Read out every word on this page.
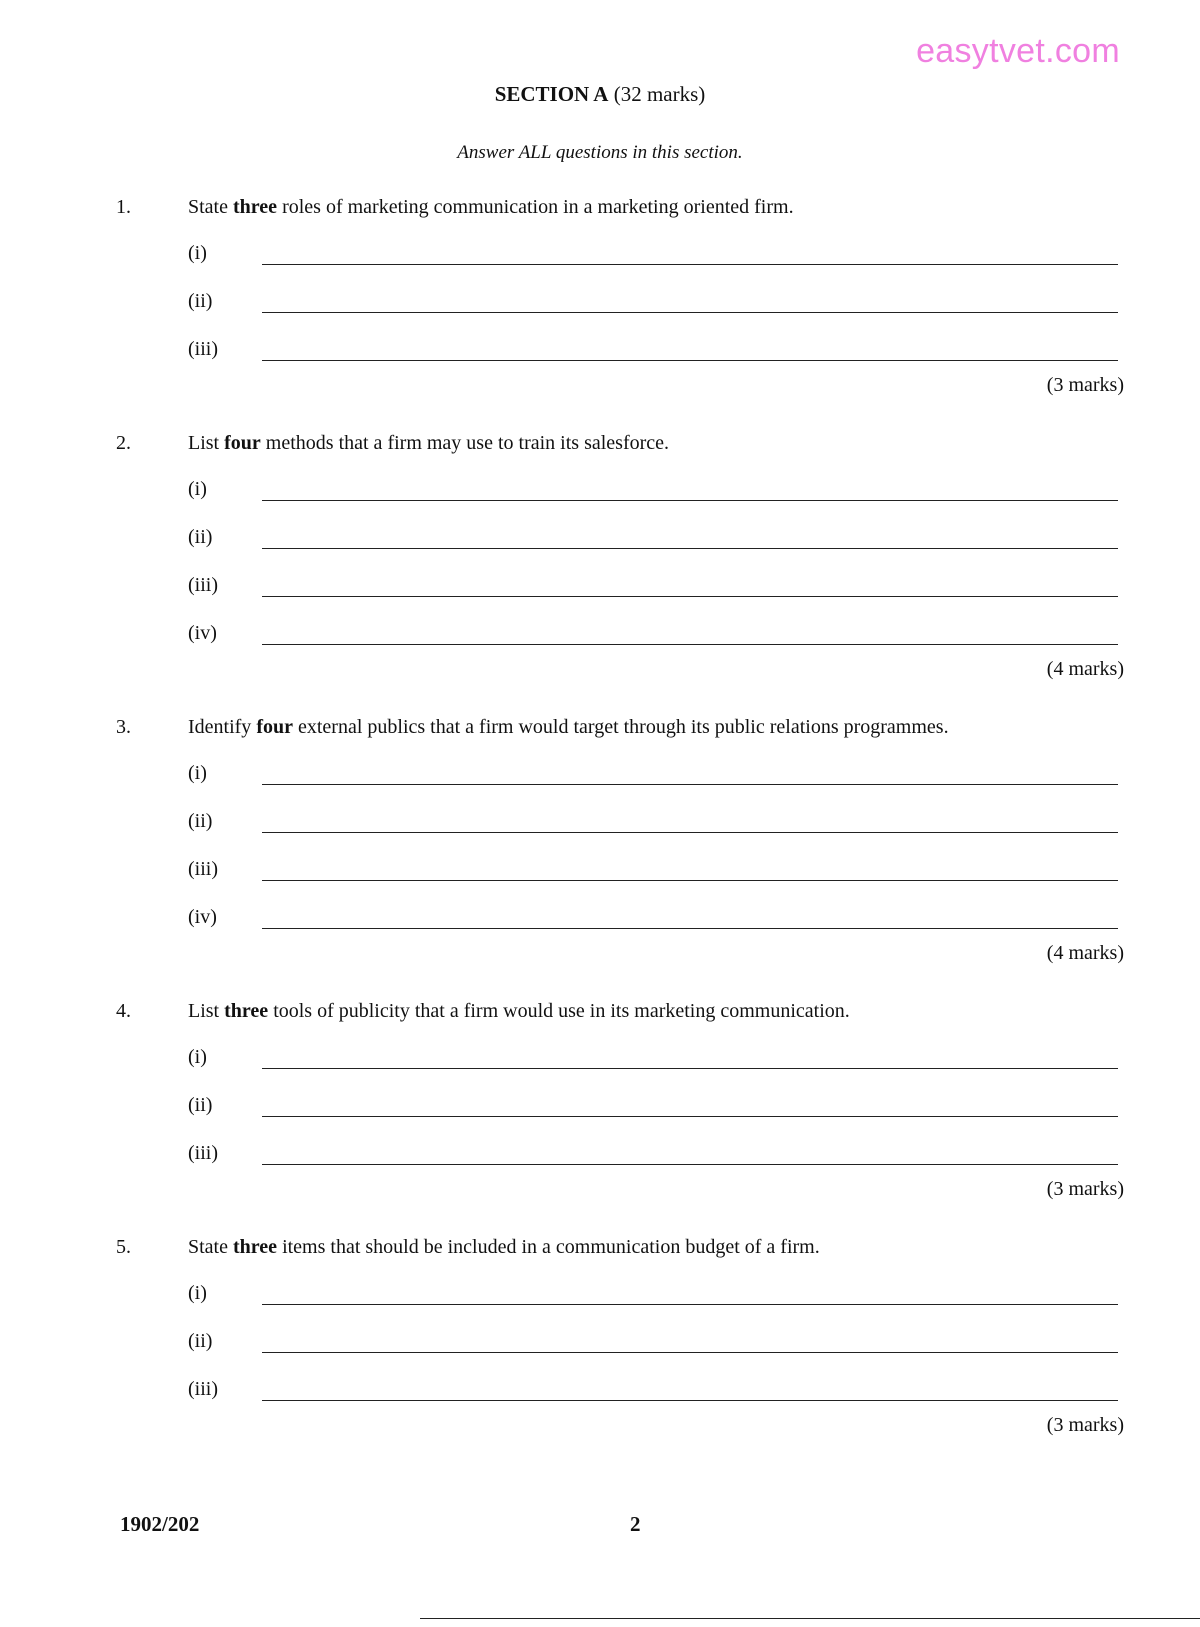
easytvet.com
SECTION A (32 marks)
Answer ALL questions in this section.
1.	State three roles of marketing communication in a marketing oriented firm.
(i)
(ii)
(iii)
(3 marks)
2.	List four methods that a firm may use to train its salesforce.
(i)
(ii)
(iii)
(iv)
(4 marks)
3.	Identify four external publics that a firm would target through its public relations programmes.
(i)
(ii)
(iii)
(iv)
(4 marks)
4.	List three tools of publicity that a firm would use in its marketing communication.
(i)
(ii)
(iii)
(3 marks)
5.	State three items that should be included in a communication budget of a firm.
(i)
(ii)
(iii)
(3 marks)
1902/202	2
